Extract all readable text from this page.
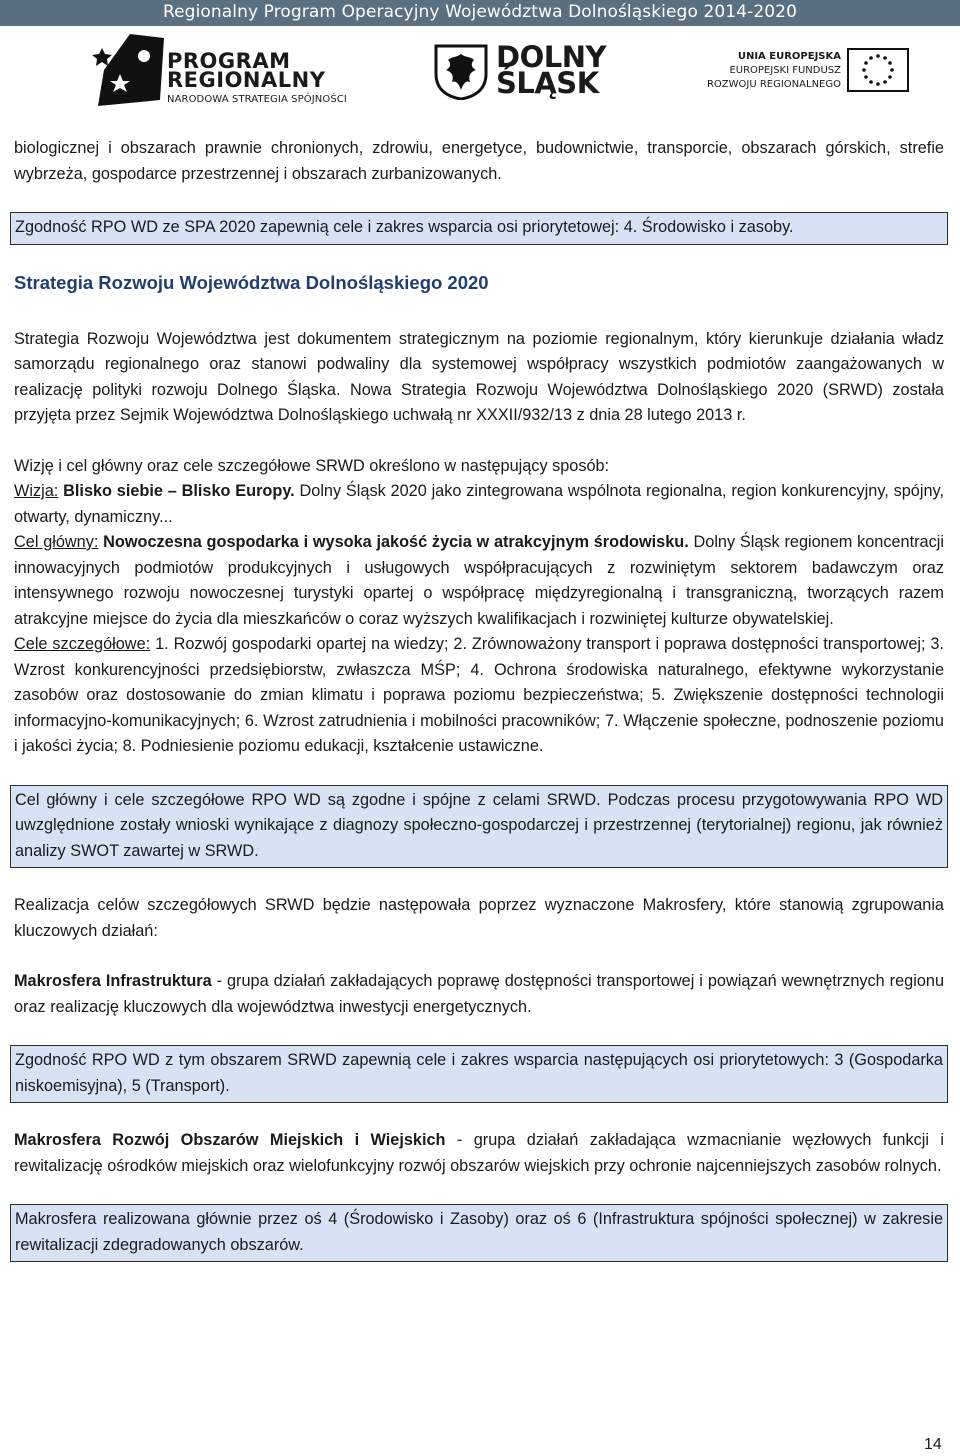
Regionalny Program Operacyjny Województwa Dolnośląskiego 2014-2020
PROGRAM
REGIONALNY
NARODOWA STRATEGIA SPÓJNOŚCI
DOLNY
ŚLĄSK
UNIA EUROPEJSKA
EUROPEJSKI FUNDUSZ
ROZWOJU REGIONALNEGO

biologicznej i obszarach prawnie chronionych, zdrowiu, energetyce, budownictwie, transporcie, obszarach górskich, strefie wybrzeża, gospodarce przestrzennej i obszarach zurbanizowanych.

Zgodność RPO WD ze SPA 2020 zapewnią cele i zakres wsparcia osi priorytetowej: 4. Środowisko i zasoby.

Strategia Rozwoju Województwa Dolnośląskiego 2020

Strategia Rozwoju Województwa jest dokumentem strategicznym na poziomie regionalnym, który kierunkuje działania władz samorządu regionalnego oraz stanowi podwaliny dla systemowej współpracy wszystkich podmiotów zaangażowanych w realizację polityki rozwoju Dolnego Śląska. Nowa Strategia Rozwoju Województwa Dolnośląskiego 2020 (SRWD) została przyjęta przez Sejmik Województwa Dolnośląskiego uchwałą nr XXXII/932/13 z dnia 28 lutego 2013 r.

Wizję i cel główny oraz cele szczegółowe SRWD określono w następujący sposób:
Wizja: Blisko siebie – Blisko Europy. Dolny Śląsk 2020 jako zintegrowana wspólnota regionalna, region konkurencyjny, spójny, otwarty, dynamiczny...
Cel główny: Nowoczesna gospodarka i wysoka jakość życia w atrakcyjnym środowisku. Dolny Śląsk regionem koncentracji innowacyjnych podmiotów produkcyjnych i usługowych współpracujących z rozwiniętym sektorem badawczym oraz intensywnego rozwoju nowoczesnej turystyki opartej o współpracę międzyregionalną i transgraniczną, tworzących razem atrakcyjne miejsce do życia dla mieszkańców o coraz wyższych kwalifikacjach i rozwiniętej kulturze obywatelskiej.
Cele szczegółowe: 1. Rozwój gospodarki opartej na wiedzy; 2. Zrównoważony transport i poprawa dostępności transportowej; 3. Wzrost konkurencyjności przedsiębiorstw, zwłaszcza MŚP; 4. Ochrona środowiska naturalnego, efektywne wykorzystanie zasobów oraz dostosowanie do zmian klimatu i poprawa poziomu bezpieczeństwa; 5. Zwiększenie dostępności technologii informacyjno-komunikacyjnych; 6. Wzrost zatrudnienia i mobilności pracowników; 7. Włączenie społeczne, podnoszenie poziomu i jakości życia; 8. Podniesienie poziomu edukacji, kształcenie ustawiczne.

Cel główny i cele szczegółowe RPO WD są zgodne i spójne z celami SRWD. Podczas procesu przygotowywania RPO WD uwzględnione zostały wnioski wynikające z diagnozy społeczno-gospodarczej i przestrzennej (terytorialnej) regionu, jak również analizy SWOT zawartej w SRWD.

Realizacja celów szczegółowych SRWD będzie następowała poprzez wyznaczone Makrosfery, które stanowią zgrupowania kluczowych działań:

Makrosfera Infrastruktura - grupa działań zakładających poprawę dostępności transportowej i powiązań wewnętrznych regionu oraz realizację kluczowych dla województwa inwestycji energetycznych.

Zgodność RPO WD z tym obszarem SRWD zapewnią cele i zakres wsparcia następujących osi priorytetowych: 3 (Gospodarka niskoemisyjna), 5 (Transport).

Makrosfera Rozwój Obszarów Miejskich i Wiejskich - grupa działań zakładająca wzmacnianie węzłowych funkcji i rewitalizację ośrodków miejskich oraz wielofunkcyjny rozwój obszarów wiejskich przy ochronie najcenniejszych zasobów rolnych.

Makrosfera realizowana głównie przez oś 4 (Środowisko i Zasoby) oraz oś 6 (Infrastruktura spójności społecznej) w zakresie rewitalizacji zdegradowanych obszarów.

14
